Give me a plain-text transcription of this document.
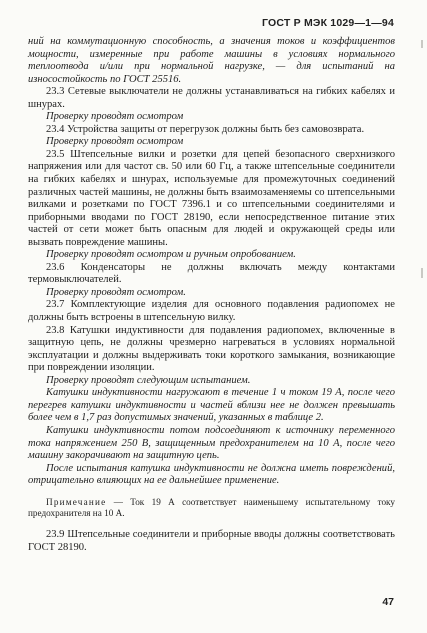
ГОСТ Р МЭК 1029—1—94

ний на коммутационную способность, а значения токов и коэффициентов мощности, измеренные при работе машины в условиях нормального теплоотвода и/или при нормальной нагрузке, — для испытаний на износостойкость по ГОСТ 25516.

23.3 Сетевые выключатели не должны устанавливаться на гибких кабелях и шнурах.

Проверку проводят осмотром

23.4 Устройства защиты от перегрузок должны быть без самовозврата.

Проверку проводят осмотром

23.5 Штепсельные вилки и розетки для цепей безопасного сверхнизкого напряжения или для частот св. 50 или 60 Гц, а также штепсельные соединители на гибких кабелях и шнурах, используемые для промежуточных соединений различных частей машины, не должны быть взаимозаменяемы со штепсельными вилками и розетками по ГОСТ 7396.1 и со штепсельными соединителями и приборными вводами по ГОСТ 28190, если непосредственное питание этих частей от сети может быть опасным для людей и окружающей среды или вызвать повреждение машины.

Проверку проводят осмотром и ручным опробованием.

23.6 Конденсаторы не должны включать между контактами термовыключателей.

Проверку проводят осмотром.

23.7 Комплектующие изделия для основного подавления радиопомех не должны быть встроены в штепсельную вилку.

23.8 Катушки индуктивности для подавления радиопомех, включенные в защитную цепь, не должны чрезмерно нагреваться в условиях нормальной эксплуатации и должны выдерживать токи короткого замыкания, возникающие при повреждении изоляции.

Проверку проводят следующим испытанием.

Катушки индуктивности нагружают в течение 1 ч током 19 А, после чего перегрев катушки индуктивности и частей вблизи нее не должен превышать более чем в 1,7 раз допустимых значений, указанных в таблице 2.

Катушки индуктивности потом подсоединяют к источнику переменного тока напряжением 250 В, защищенным предохранителем на 10 А, после чего машину закорачивают на защитную цепь.

После испытания катушка индуктивности не должна иметь повреждений, отрицательно влияющих на ее дальнейшее применение.

Примечание — Ток 19 А соответствует наименьшему испытательному току предохранителя на 10 А.

23.9 Штепсельные соединители и приборные вводы должны соответствовать ГОСТ 28190.

47
